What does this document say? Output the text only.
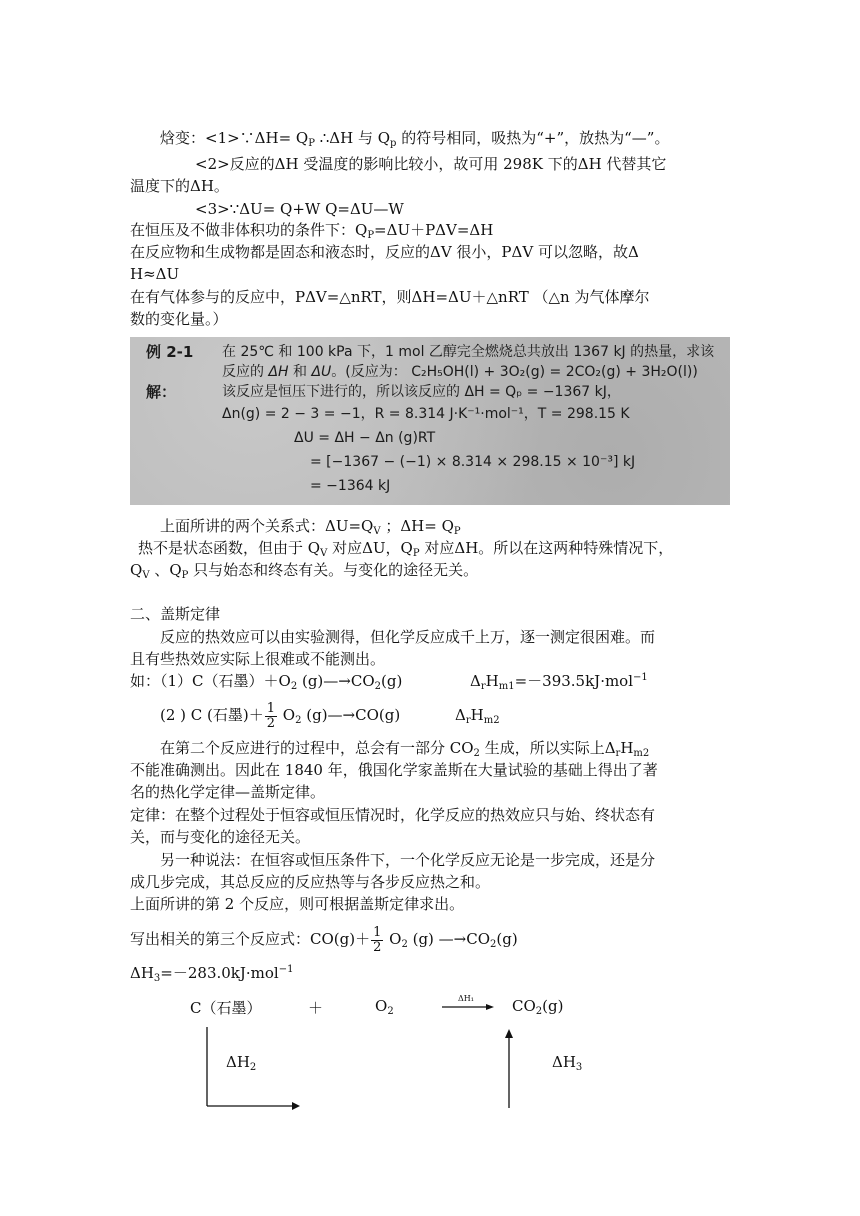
焓变：<1>∵ΔH= $Q_P$ ∴ΔH 与 $Q_p$ 的符号相同，吸热为“+”，放热为“—”。
<2>反应的ΔH 受温度的影响比较小，故可用 298K 下的ΔH 代替其它
温度下的ΔH。
<3>∵ΔU= Q+W Q=ΔU—W
在恒压及不做非体积功的条件下：$Q_P=\Delta U+P\Delta V=\Delta H$
在反应物和生成物都是固态和液态时，反应的ΔV 很小，PΔV 可以忽略，故Δ
H≈ΔU
在有气体参与的反应中，PΔV=△nRT，则ΔH=ΔU＋△nRT （△n 为气体摩尔
数的变化量。）
例 2-1 在 25℃ 和 100 kPa 下，1 mol 乙醇完全燃烧总共放出 1367 kJ 的热量，求该
反应的 ΔH 和 ΔU。(反应为： C₂H₅OH(l) + 3O₂(g) = 2CO₂(g) + 3H₂O(l))
解：	该反应是恒压下进行的，所以该反应的 ΔH = Qₚ = −1367 kJ，
Δn(g) = 2 − 3 = −1，R = 8.314 J·K⁻¹·mol⁻¹，T = 298.15 K
ΔU = ΔH − Δn (g)RT
= [−1367 − (−1) × 8.314 × 298.15 × 10⁻³] kJ
= −1364 kJ
上面所讲的两个关系式：$\Delta U=Q_V$ ；$\Delta H= Q_P$
热不是状态函数，但由于 $Q_V$ 对应ΔU，$Q_P$ 对应ΔH。所以在这两种特殊情况下，
$Q_V$ 、$Q_P$ 只与始态和终态有关。与变化的途径无关。
二、盖斯定律
反应的热效应可以由实验测得，但化学反应成千上万，逐一测定很困难。而
且有些热效应实际上很难或不能测出。
如：（1）C（石墨）$+O_2$ $(g)—\to CO_2(g)$	$\Delta_rH_{m1}=-393.5kJ\cdot mol^{-1}$
(2 ) C (石墨)＋ $\frac{1}{2} O_2$ (g)—→CO(g)	$\Delta_rH_{m2}$
在第二个反应进行的过程中，总会有一部分 $CO_2$ 生成，所以实际上$\Delta_rH_{m2}$
不能准确测出。因此在 1840 年，俄国化学家盖斯在大量试验的基础上得出了著
名的热化学定律—盖斯定律。
定律：在整个过程处于恒容或恒压情况时，化学反应的热效应只与始、终状态有
关，而与变化的途径无关。
另一种说法：在恒容或恒压条件下，一个化学反应无论是一步完成，还是分
成几步完成，其总反应的反应热等与各步反应热之和。
上面所讲的第 2 个反应，则可根据盖斯定律求出。
写出相关的第三个反应式：$CO(g)+ \frac{1}{2} O_2$ (g) $—\to CO_2(g)$
$\Delta H_3=-283.0kJ\cdot mol^{-1}$
C（石墨）	＋	$O_2$
ΔH₁	$CO_2(g)$
$\Delta H_2$	$\Delta H_3$
